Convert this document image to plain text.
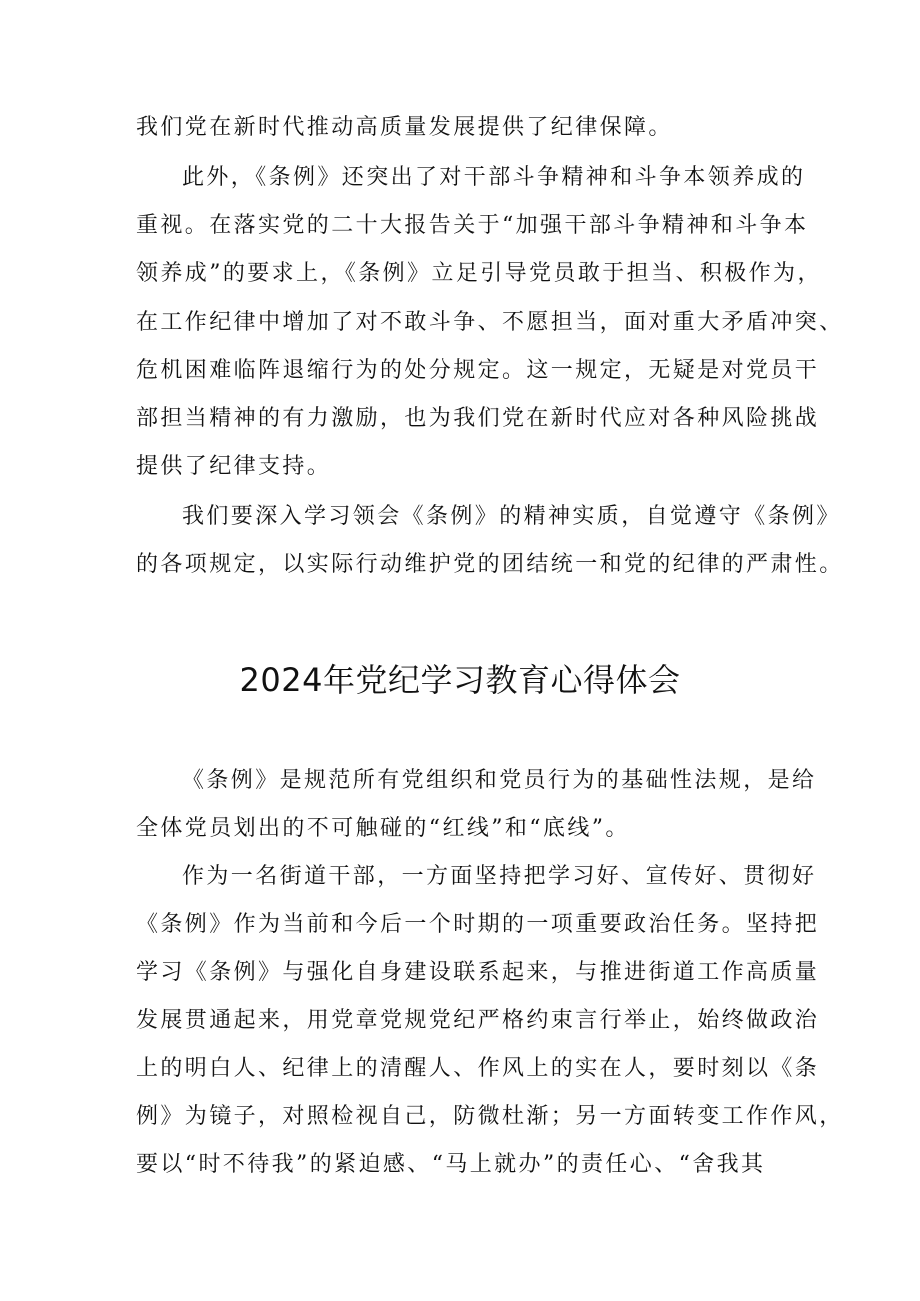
我们党在新时代推动高质量发展提供了纪律保障。
此外，《条例》还突出了对干部斗争精神和斗争本领养成的
重视。在落实党的二十大报告关于“加强干部斗争精神和斗争本
领养成”的要求上，《条例》立足引导党员敢于担当、积极作为，
在工作纪律中增加了对不敢斗争、不愿担当，面对重大矛盾冲突、
危机困难临阵退缩行为的处分规定。这一规定，无疑是对党员干
部担当精神的有力激励，也为我们党在新时代应对各种风险挑战
提供了纪律支持。
我们要深入学习领会《条例》的精神实质，自觉遵守《条例》
的各项规定，以实际行动维护党的团结统一和党的纪律的严肃性。
2024年党纪学习教育心得体会
《条例》是规范所有党组织和党员行为的基础性法规，是给
全体党员划出的不可触碰的“红线”和“底线”。
作为一名街道干部，一方面坚持把学习好、宣传好、贯彻好
《条例》作为当前和今后一个时期的一项重要政治任务。坚持把
学习《条例》与强化自身建设联系起来，与推进街道工作高质量
发展贯通起来，用党章党规党纪严格约束言行举止，始终做政治
上的明白人、纪律上的清醒人、作风上的实在人，要时刻以《条
例》为镜子，对照检视自己，防微杜渐；另一方面转变工作作风，
要以“时不待我”的紧迫感、“马上就办”的责任心、“舍我其
